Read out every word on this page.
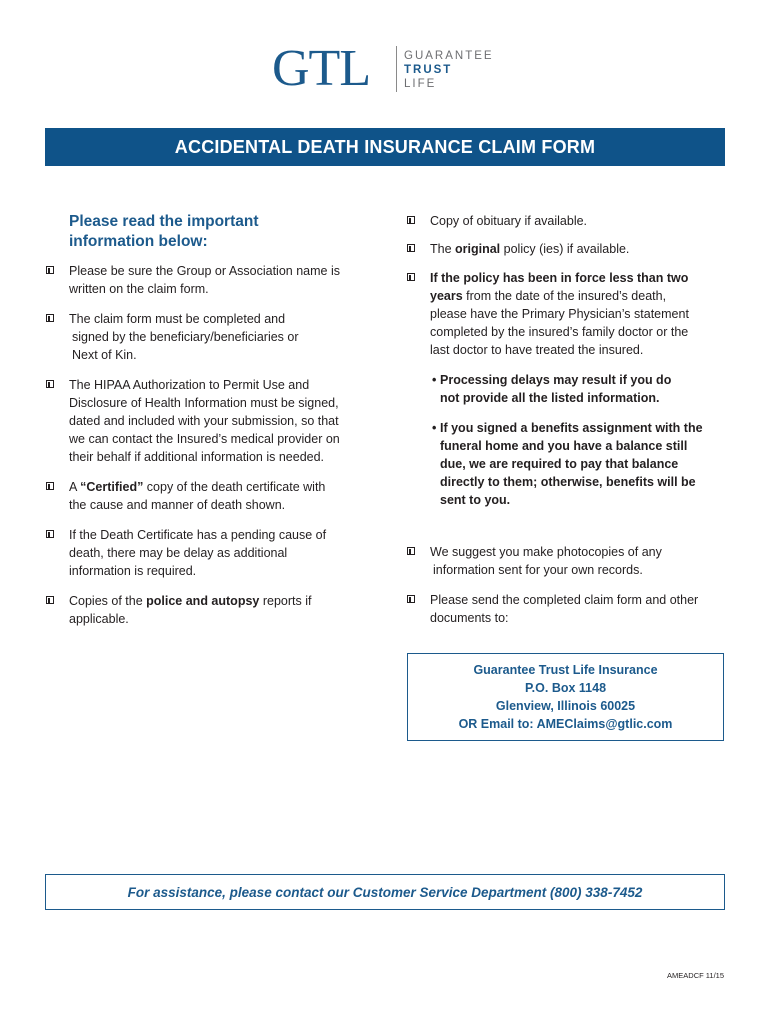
GTL	GUARANTEE
TRUST
LIFE
ACCIDENTAL DEATH INSURANCE CLAIM FORM
Please read the important
information below:
Please be sure the Group or Association name is
written on the claim form.
The claim form must be completed and
signed by the beneficiary/beneficiaries or
Next of Kin.
The HIPAA Authorization to Permit Use and
Disclosure of Health Information must be signed,
dated and included with your submission, so that
we can contact the Insured’s medical provider on
their behalf if additional information is needed.
A “Certified” copy of the death certificate with
the cause and manner of death shown.
If the Death Certificate has a pending cause of
death, there may be delay as additional
information is required.
Copies of the police and autopsy reports if
applicable.
Copy of obituary if available.
The original policy (ies) if available.
If the policy has been in force less than two
years from the date of the insured’s death,
please have the Primary Physician’s statement
completed by the insured’s family doctor or the
last doctor to have treated the insured.
• Processing delays may result if you do
not provide all the listed information.
• If you signed a benefits assignment with the
funeral home and you have a balance still
due, we are required to pay that balance
directly to them; otherwise, benefits will be
sent to you.
We suggest you make photocopies of any
information sent for your own records.
Please send the completed claim form and other
documents to:
Guarantee Trust Life Insurance
P.O. Box 1148
Glenview, Illinois 60025
OR Email to: AMEClaims@gtlic.com
For assistance, please contact our Customer Service Department (800) 338-7452
AMEADCF 11/15
